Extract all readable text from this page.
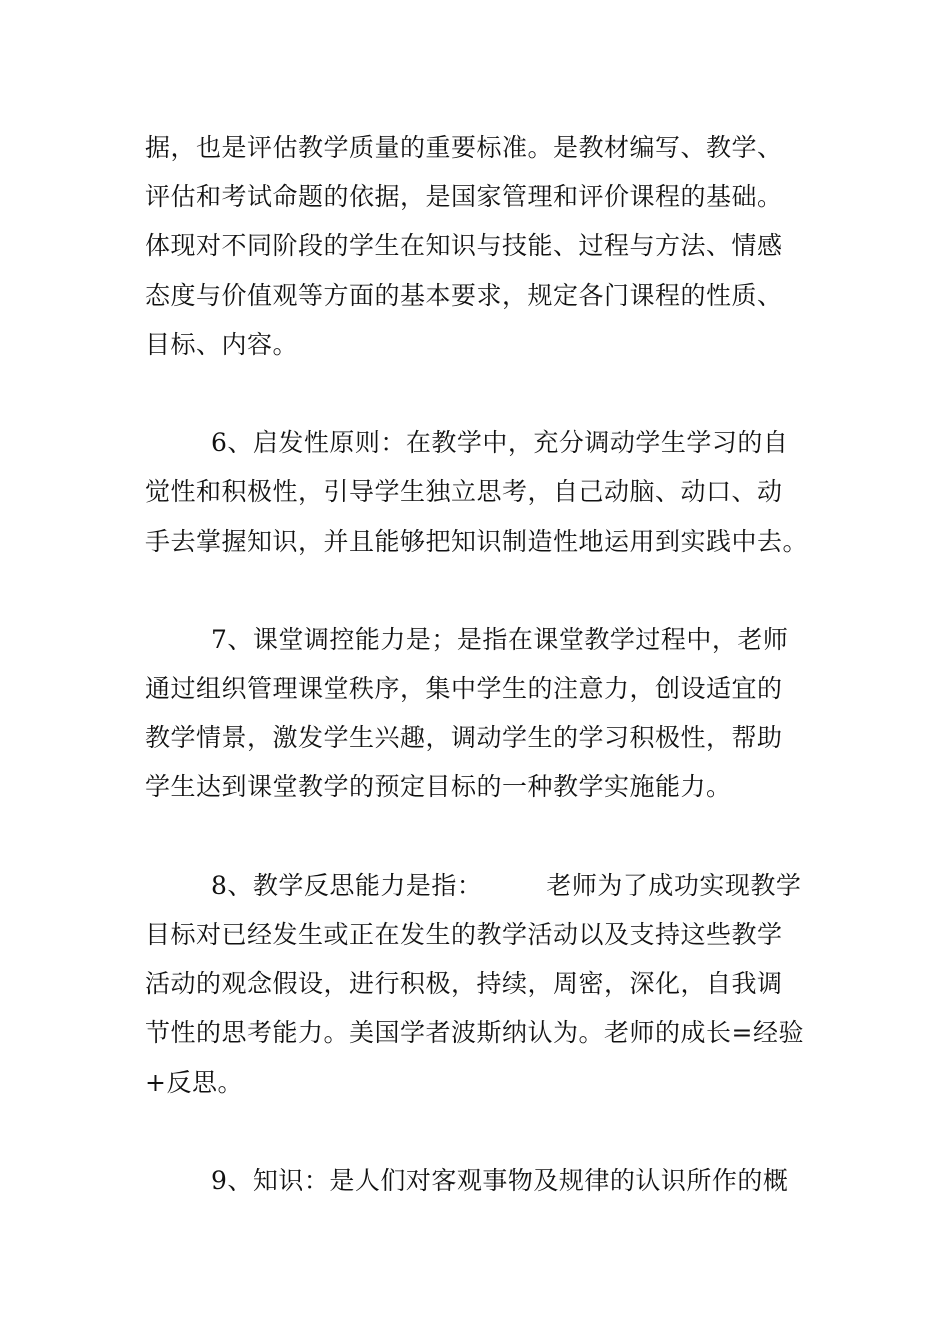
据，也是评估教学质量的重要标准。是教材编写、教学、
评估和考试命题的依据，是国家管理和评价课程的基础。
体现对不同阶段的学生在知识与技能、过程与方法、情感
态度与价值观等方面的基本要求，规定各门课程的性质、
目标、内容。

6、启发性原则：在教学中，充分调动学生学习的自
觉性和积极性，引导学生独立思考，自己动脑、动口、动
手去掌握知识，并且能够把知识制造性地运用到实践中去。

7、课堂调控能力是；是指在课堂教学过程中，老师
通过组织管理课堂秩序，集中学生的注意力，创设适宜的
教学情景，激发学生兴趣，调动学生的学习积极性，帮助
学生达到课堂教学的预定目标的一种教学实施能力。

8、教学反思能力是指：　　　老师为了成功实现教学
目标对已经发生或正在发生的教学活动以及支持这些教学
活动的观念假设，进行积极，持续，周密，深化，自我调
节性的思考能力。美国学者波斯纳认为。老师的成长=经验
+反思。

9、知识：是人们对客观事物及规律的认识所作的概
